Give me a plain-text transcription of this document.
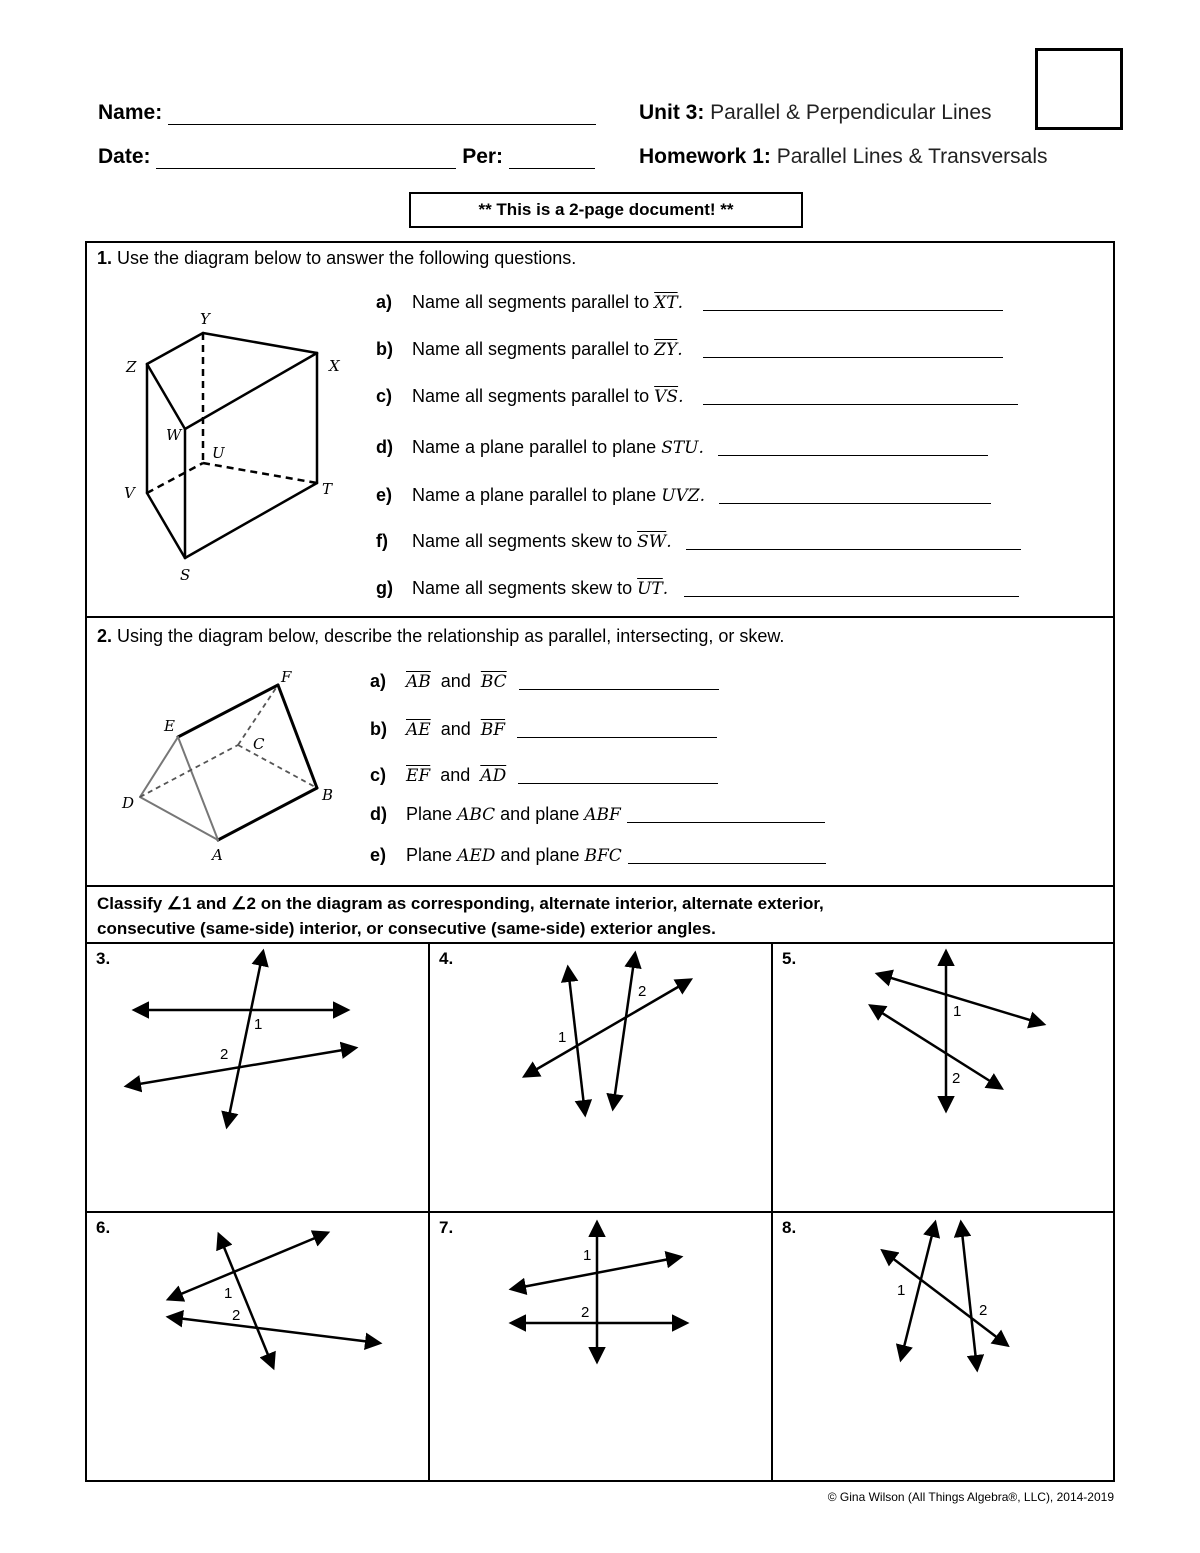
Name:
Date:	Per:
Unit 3: Parallel & Perpendicular Lines
Homework 1: Parallel Lines & Transversals
** This is a 2-page document! **
1. Use the diagram below to answer the following questions.
Y
Z	X
W
U
V	T
S
a)	Name all segments parallel to
$\overline{XT}$ .
b)	Name all segments parallel to
$\overline{ZY}$ .
c)	Name all segments parallel to
$\overline{VS}$ .
d)	Name a plane parallel to plane
STU .
e)	Name a plane parallel to plane
UVZ .
f)	Name all segments skew to
$\overline{SW}$ .
g)	Name all segments skew to
$\overline{UT}$ .
2. Using the diagram below, describe the relationship as parallel, intersecting, or skew.
F
E
C
D	B
A
a)	$\overline{AB}$
and
$\overline{BC}$
b)	$\overline{AE}$
and
$\overline{BF}$
c)	$\overline{EF}$
and
$\overline{AD}$
d)	Plane
ABC
and plane
ABF
e)	Plane
AED
and plane
BFC
Classify ∠1 and ∠2 on the diagram as corresponding, alternate interior, alternate exterior,
consecutive (same-side) interior, or consecutive (same-side) exterior angles.
3.
1
2
4.
1
2
5.
1
2
6.
1
2
7.
1
2
8.
1
2
© Gina Wilson (All Things Algebra®, LLC), 2014-2019
